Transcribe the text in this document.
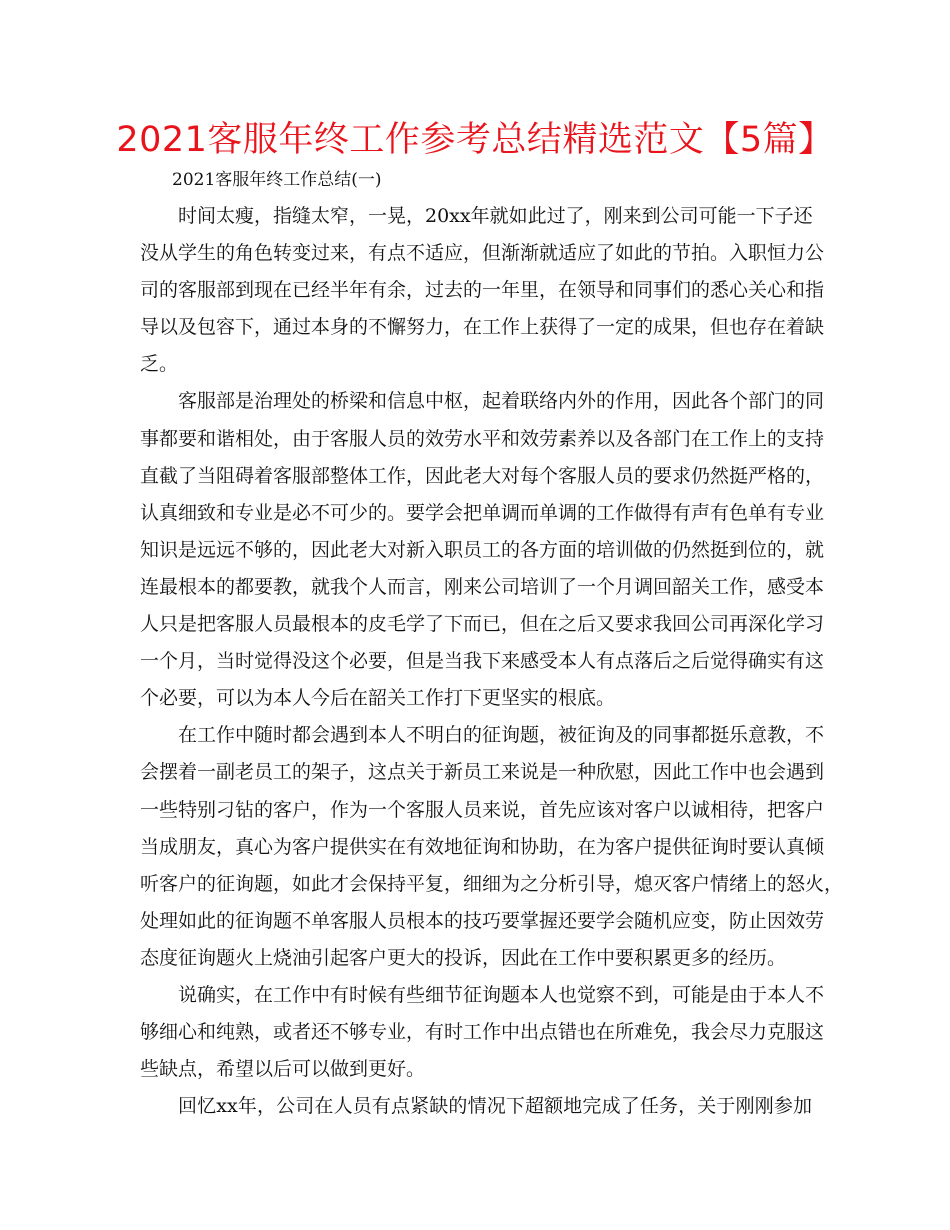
2021客服年终工作参考总结精选范文【5篇】
2021客服年终工作总结(一)
时间太瘦，指缝太窄，一晃，20xx年就如此过了，刚来到公司可能一下子还
没从学生的角色转变过来，有点不适应，但渐渐就适应了如此的节拍。入职恒力公
司的客服部到现在已经半年有余，过去的一年里，在领导和同事们的悉心关心和指
导以及包容下，通过本身的不懈努力，在工作上获得了一定的成果，但也存在着缺
乏。
客服部是治理处的桥梁和信息中枢，起着联络内外的作用，因此各个部门的同
事都要和谐相处，由于客服人员的效劳水平和效劳素养以及各部门在工作上的支持
直截了当阻碍着客服部整体工作，因此老大对每个客服人员的要求仍然挺严格的，
认真细致和专业是必不可少的。要学会把单调而单调的工作做得有声有色单有专业
知识是远远不够的，因此老大对新入职员工的各方面的培训做的仍然挺到位的，就
连最根本的都要教，就我个人而言，刚来公司培训了一个月调回韶关工作，感受本
人只是把客服人员最根本的皮毛学了下而已，但在之后又要求我回公司再深化学习
一个月，当时觉得没这个必要，但是当我下来感受本人有点落后之后觉得确实有这
个必要，可以为本人今后在韶关工作打下更坚实的根底。
在工作中随时都会遇到本人不明白的征询题，被征询及的同事都挺乐意教，不
会摆着一副老员工的架子，这点关于新员工来说是一种欣慰，因此工作中也会遇到
一些特别刁钻的客户，作为一个客服人员来说，首先应该对客户以诚相待，把客户
当成朋友，真心为客户提供实在有效地征询和协助，在为客户提供征询时要认真倾
听客户的征询题，如此才会保持平复，细细为之分析引导，熄灭客户情绪上的怒火，
处理如此的征询题不单客服人员根本的技巧要掌握还要学会随机应变，防止因效劳
态度征询题火上烧油引起客户更大的投诉，因此在工作中要积累更多的经历。
说确实，在工作中有时候有些细节征询题本人也觉察不到，可能是由于本人不
够细心和纯熟，或者还不够专业，有时工作中出点错也在所难免，我会尽力克服这
些缺点，希望以后可以做到更好。
回忆xx年，公司在人员有点紧缺的情况下超额地完成了任务，关于刚刚参加
